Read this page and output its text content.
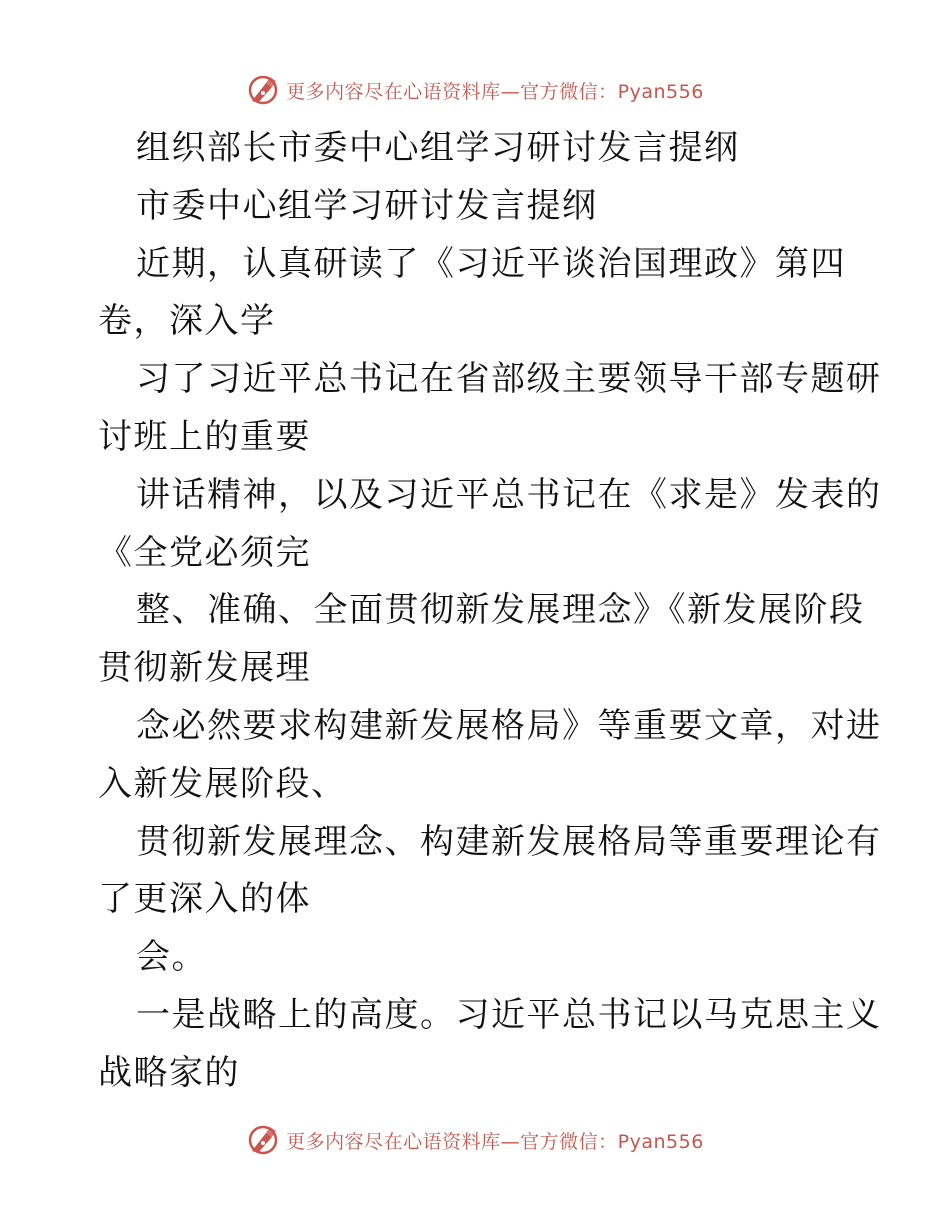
更多内容尽在心语资料库—官方微信：Pyan556
组织部长市委中心组学习研讨发言提纲
市委中心组学习研讨发言提纲
近期，认真研读了《习近平谈治国理政》第四
卷，深入学
习了习近平总书记在省部级主要领导干部专题研
讨班上的重要
讲话精神，以及习近平总书记在《求是》发表的
《全党必须完
整、准确、全面贯彻新发展理念》《新发展阶段
贯彻新发展理
念必然要求构建新发展格局》等重要文章，对进
入新发展阶段、
贯彻新发展理念、构建新发展格局等重要理论有
了更深入的体
会。
一是战略上的高度。习近平总书记以马克思主义
战略家的
更多内容尽在心语资料库—官方微信：Pyan556
